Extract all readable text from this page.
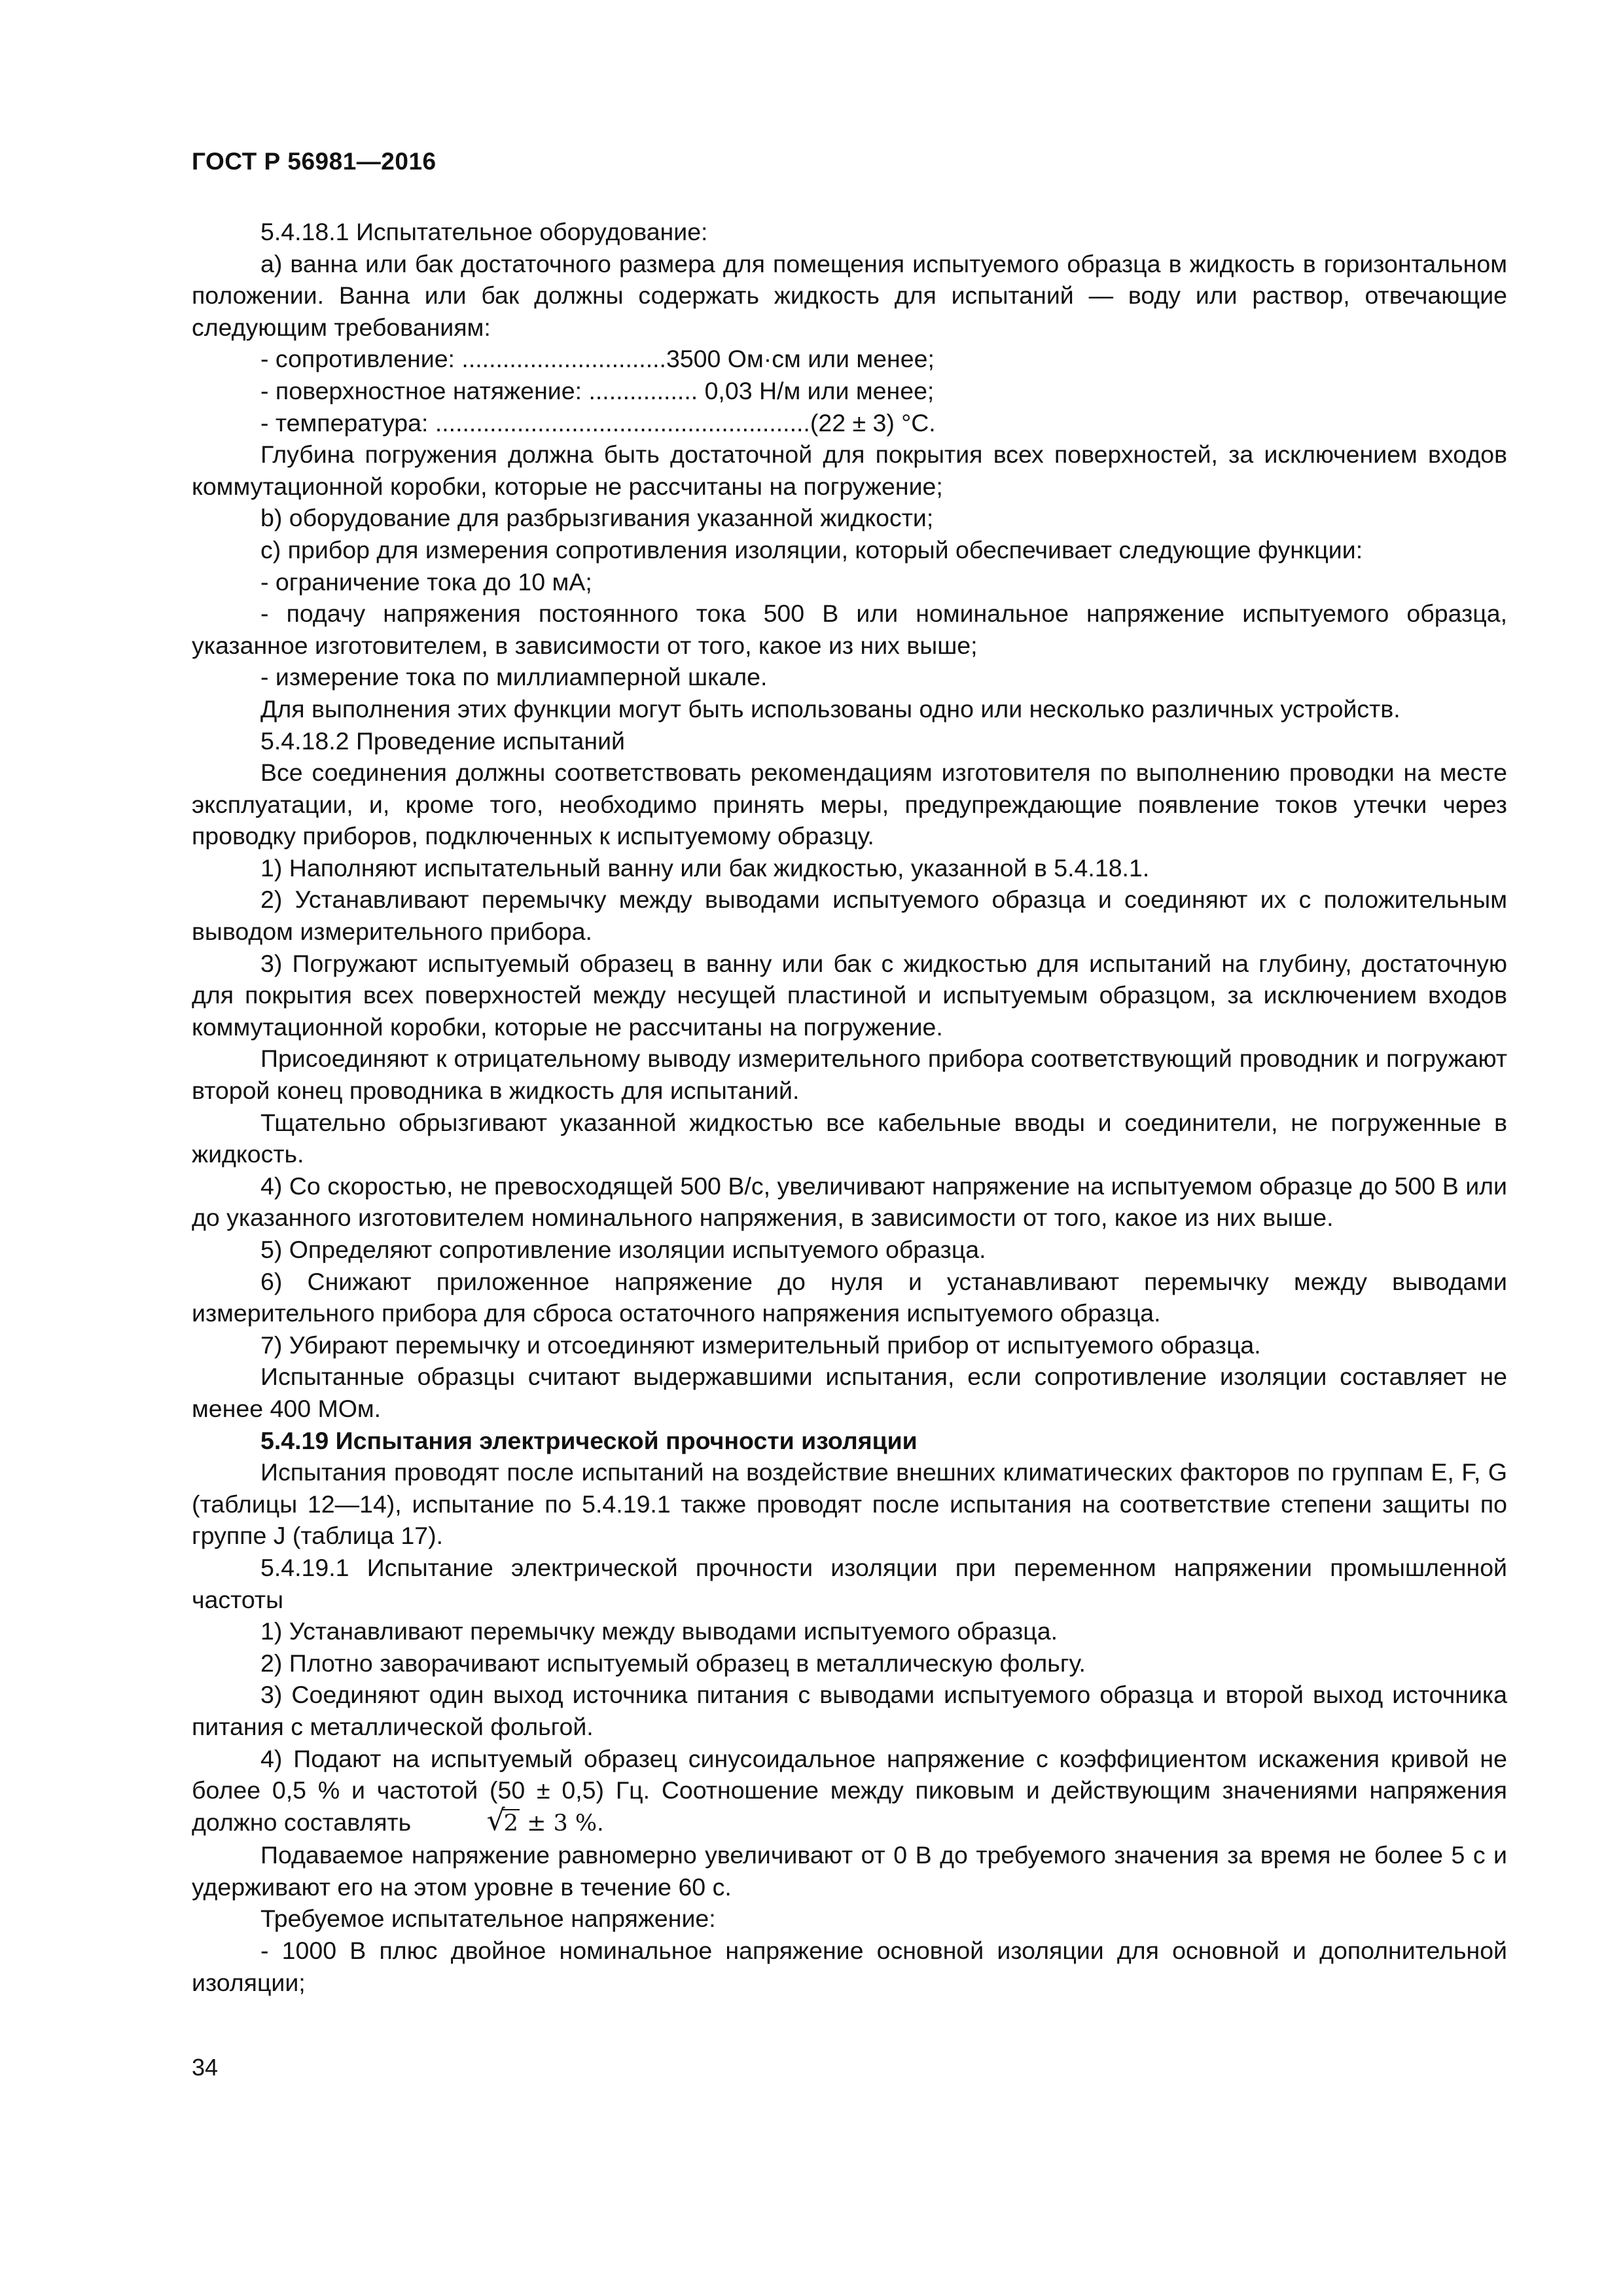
ГОСТ Р 56981—2016

5.4.18.1 Испытательное оборудование:

a) ванна или бак достаточного размера для помещения испытуемого образца в жидкость в горизонтальном положении. Ванна или бак должны содержать жидкость для испытаний — воду или раствор, отвечающие следующим требованиям:

- сопротивление: ..............................3500 Ом·см или менее;

- поверхностное натяжение: ................ 0,03 Н/м или менее;

- температура: .......................................................(22 ± 3) °C.

Глубина погружения должна быть достаточной для покрытия всех поверхностей, за исключением входов коммутационной коробки, которые не рассчитаны на погружение;

b) оборудование для разбрызгивания указанной жидкости;

c) прибор для измерения сопротивления изоляции, который обеспечивает следующие функции:

- ограничение тока до 10 мА;

- подачу напряжения постоянного тока 500 В или номинальное напряжение испытуемого образца, указанное изготовителем, в зависимости от того, какое из них выше;

- измерение тока по миллиамперной шкале.

Для выполнения этих функции могут быть использованы одно или несколько различных устройств.

5.4.18.2 Проведение испытаний

Все соединения должны соответствовать рекомендациям изготовителя по выполнению проводки на месте эксплуатации, и, кроме того, необходимо принять меры, предупреждающие появление токов утечки через проводку приборов, подключенных к испытуемому образцу.

1) Наполняют испытательный ванну или бак жидкостью, указанной в 5.4.18.1.

2) Устанавливают перемычку между выводами испытуемого образца и соединяют их с положительным выводом измерительного прибора.

3) Погружают испытуемый образец в ванну или бак с жидкостью для испытаний на глубину, достаточную для покрытия всех поверхностей между несущей пластиной и испытуемым образцом, за исключением входов коммутационной коробки, которые не рассчитаны на погружение.

Присоединяют к отрицательному выводу измерительного прибора соответствующий проводник и погружают второй конец проводника в жидкость для испытаний.

Тщательно обрызгивают указанной жидкостью все кабельные вводы и соединители, не погруженные в жидкость.

4) Со скоростью, не превосходящей 500 В/с, увеличивают напряжение на испытуемом образце до 500 В или до указанного изготовителем номинального напряжения, в зависимости от того, какое из них выше.

5) Определяют сопротивление изоляции испытуемого образца.

6) Снижают приложенное напряжение до нуля и устанавливают перемычку между выводами измерительного прибора для сброса остаточного напряжения испытуемого образца.

7) Убирают перемычку и отсоединяют измерительный прибор от испытуемого образца.

Испытанные образцы считают выдержавшими испытания, если сопротивление изоляции составляет не менее 400 МОм.

5.4.19 Испытания электрической прочности изоляции

Испытания проводят после испытаний на воздействие внешних климатических факторов по группам E, F, G (таблицы 12—14), испытание по 5.4.19.1 также проводят после испытания на соответствие степени защиты по группе J (таблица 17).

5.4.19.1 Испытание электрической прочности изоляции при переменном напряжении промышленной частоты

1) Устанавливают перемычку между выводами испытуемого образца.

2) Плотно заворачивают испытуемый образец в металлическую фольгу.

3) Соединяют один выход источника питания с выводами испытуемого образца и второй выход источника питания с металлической фольгой.

4) Подают на испытуемый образец синусоидальное напряжение с коэффициентом искажения кривой не более 0,5 % и частотой (50 ± 0,5) Гц. Соотношение между пиковым и действующим значениями напряжения должно составлять	√
2 ± 3 %.

Подаваемое напряжение равномерно увеличивают от 0 В до требуемого значения за время не более 5 с и удерживают его на этом уровне в течение 60 с.

Требуемое испытательное напряжение:

- 1000 В плюс двойное номинальное напряжение основной изоляции для основной и дополнительной изоляции;

34
